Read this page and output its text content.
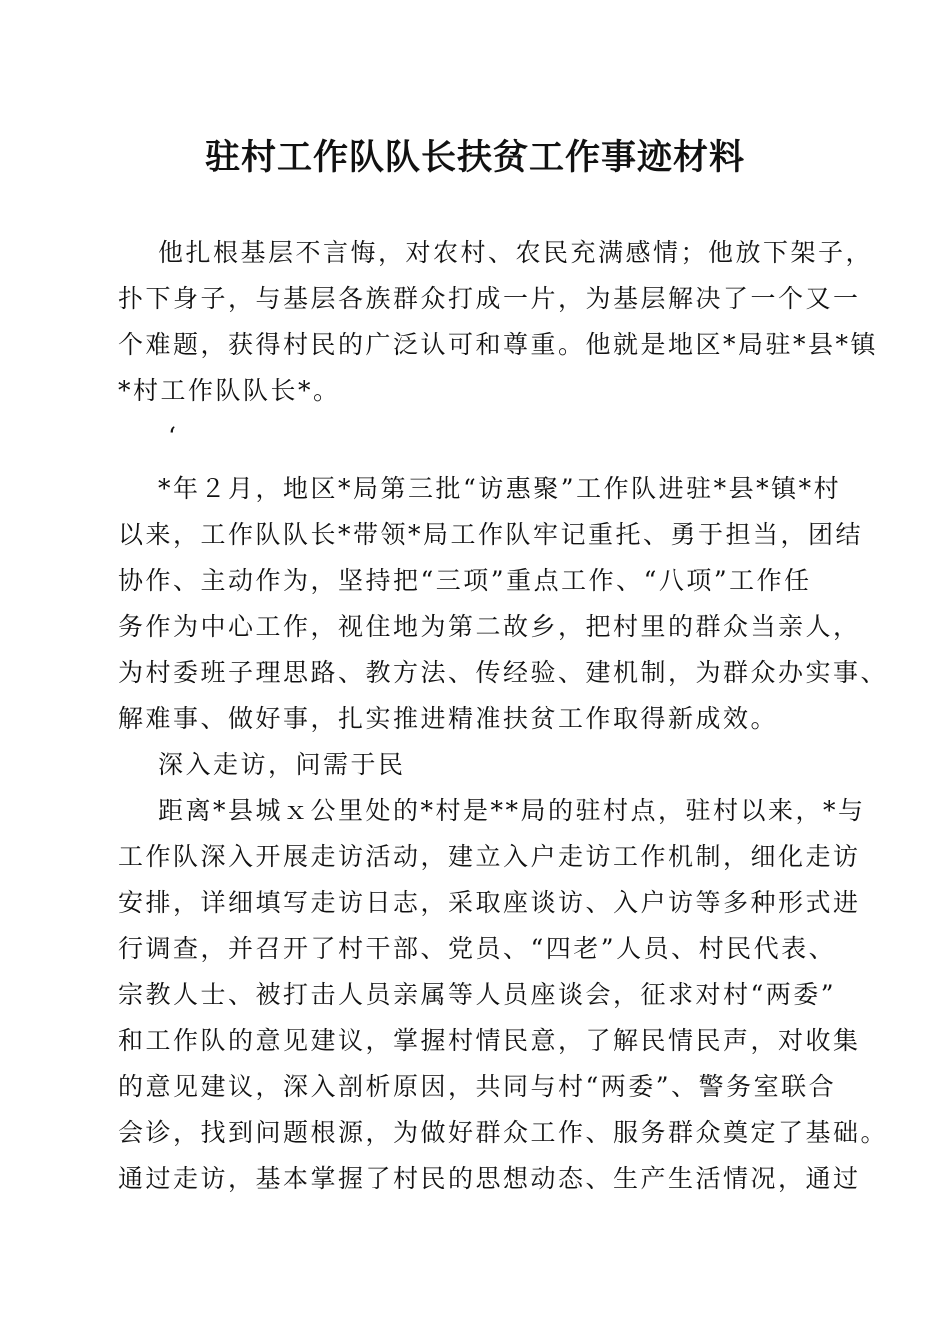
驻村工作队队长扶贫工作事迹材料
他扎根基层不言悔，对农村、农民充满感情；他放下架子，
扑下身子，与基层各族群众打成一片，为基层解决了一个又一
个难题，获得村民的广泛认可和尊重。他就是地区*局驻*县*镇
*村工作队队长*。
‘
*年２月，地区*局第三批“访惠聚”工作队进驻*县*镇*村
以来，工作队队长*带领*局工作队牢记重托、勇于担当，团结
协作、主动作为，坚持把“三项”重点工作、“八项”工作任
务作为中心工作，视住地为第二故乡，把村里的群众当亲人，
为村委班子理思路、教方法、传经验、建机制，为群众办实事、
解难事、做好事，扎实推进精准扶贫工作取得新成效。
深入走访，问需于民
距离*县城ｘ公里处的*村是**局的驻村点，驻村以来，*与
工作队深入开展走访活动，建立入户走访工作机制，细化走访
安排，详细填写走访日志，采取座谈访、入户访等多种形式进
行调查，并召开了村干部、党员、“四老”人员、村民代表、
宗教人士、被打击人员亲属等人员座谈会，征求对村“两委”
和工作队的意见建议，掌握村情民意，了解民情民声，对收集
的意见建议，深入剖析原因，共同与村“两委”、警务室联合
会诊，找到问题根源，为做好群众工作、服务群众奠定了基础。
通过走访，基本掌握了村民的思想动态、生产生活情况，通过
